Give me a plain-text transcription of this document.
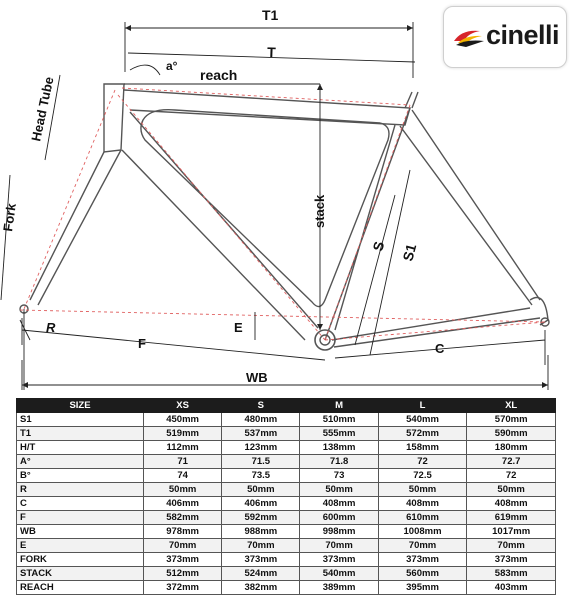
T1
T
a°
reach
Head Tube
Fork	stack
S S1
R	E
F	C
WB
cinelli
SIZE	XS	S	M	L	XL
S1	450mm	480mm	510mm	540mm	570mm
T1	519mm	537mm	555mm	572mm	590mm
H/T	112mm	123mm	138mm	158mm	180mm
A°	71	71.5	71.8	72	72.7
B°	74	73.5	73	72.5	72
R	50mm	50mm	50mm	50mm	50mm
C	406mm	406mm	408mm	408mm	408mm
F	582mm	592mm	600mm	610mm	619mm
WB	978mm	988mm	998mm	1008mm	1017mm
E	70mm	70mm	70mm	70mm	70mm
FORK	373mm	373mm	373mm	373mm	373mm
STACK	512mm	524mm	540mm	560mm	583mm
REACH	372mm	382mm	389mm	395mm	403mm
